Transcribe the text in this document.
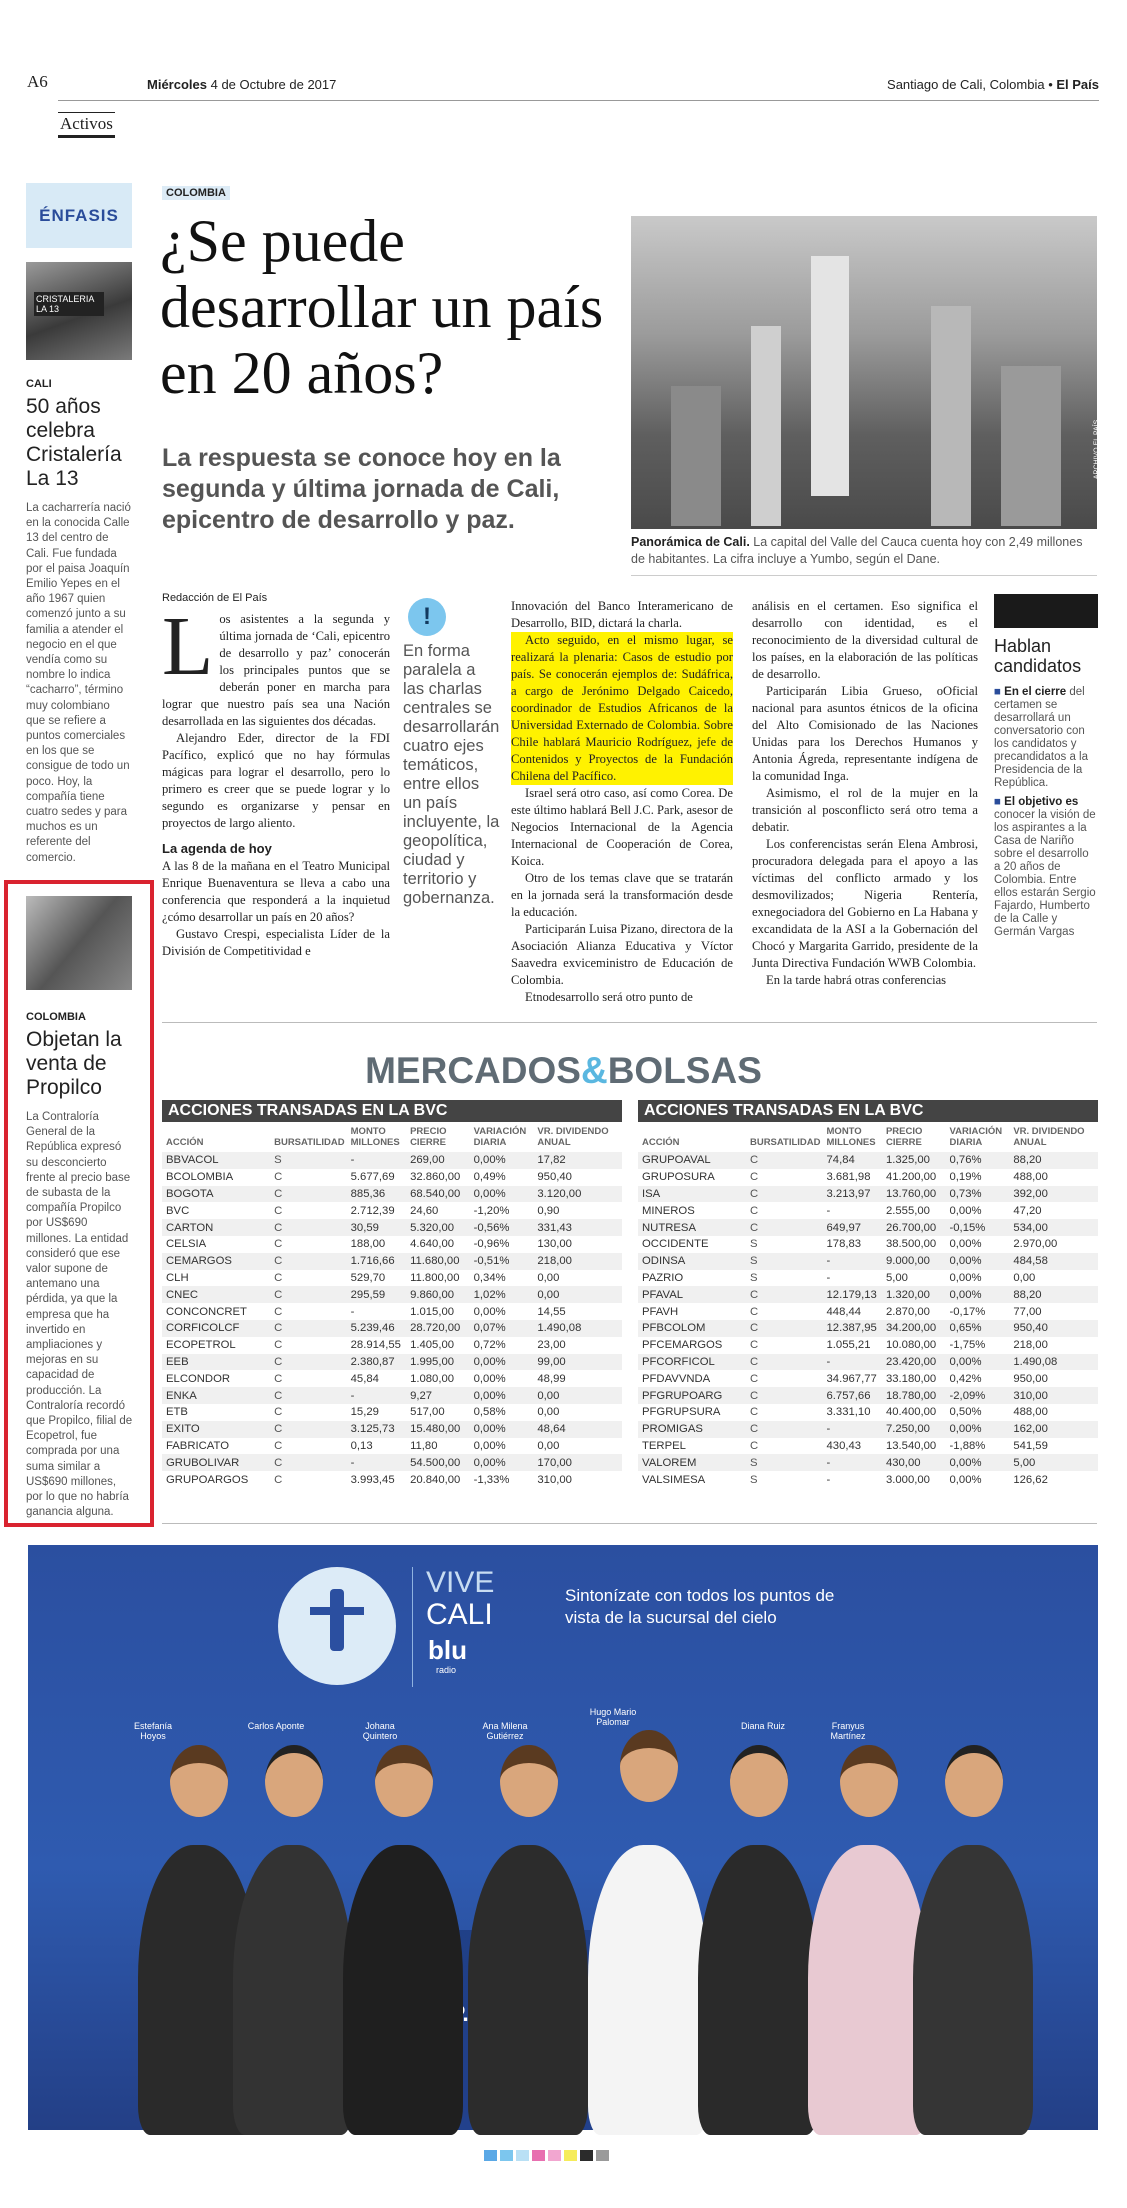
A6
Activos
Miércoles 4 de Octubre de 2017	Santiago de Cali, Colombia • El País
ÉNFASIS
CRISTALERIA LA 13
CALI
50 años celebra Cristalería La 13

La cacharrería nació en la conocida Calle 13 del centro de Cali. Fue fundada por el paisa Joaquín Emilio Yepes en el año 1967 quien comenzó junto a su familia a atender el negocio en el que vendía como su nombre lo indica “cacharro”, término muy colombiano que se refiere a puntos comerciales en los que se consigue de todo un poco. Hoy, la compañía tiene cuatro sedes y para muchos es un referente del comercio.

COLOMBIA
Objetan la venta de Propilco

La Contraloría General de la República expresó su desconcierto frente al precio base de subasta de la compañía Propilco por US$690 millones. La entidad consideró que ese valor supone de antemano una pérdida, ya que la empresa que ha invertido en ampliaciones y mejoras en su capacidad de producción. La Contraloría recordó que Propilco, filial de Ecopetrol, fue comprada por una suma similar a US$690 millones, por lo que no habría ganancia alguna.

COLOMBIA
¿Se puede desarrollar un país en 20 años?
La respuesta se conoce hoy en la segunda y última jornada de Cali, epicentro de desarrollo y paz.
ARCHIVO EL PAÍS
Panorámica de Cali. La capital del Valle del Cauca cuenta hoy con 2,49 millones de habitantes. La cifra incluye a Yumbo, según el Dane.
Redacción de El País
L os asistentes a la segunda y última jornada de ‘Cali, epicentro de desarrollo y paz’ conocerán los principales puntos que se deberán poner en marcha para lograr que nuestro país sea una Nación desarrollada en las siguientes dos décadas.

Alejandro Eder, director de la FDI Pacífico, explicó que no hay fórmulas mágicas para lograr el desarrollo, pero lo primero es creer que se puede lograr y lo segundo es organizarse y pensar en proyectos de largo aliento.

La agenda de hoy

A las 8 de la mañana en el Teatro Municipal Enrique Buenaventura se lleva a cabo una conferencia que responderá a la inquietud ¿cómo desarrollar un país en 20 años?

Gustavo Crespi, especialista Líder de la División de Competitividad e

!
En forma paralela a las charlas centrales se desarrollarán cuatro ejes temáticos, entre ellos un país incluyente, la geopolítica, ciudad y territorio y gobernanza.

Innovación del Banco Interamericano de Desarrollo, BID, dictará la charla.

Acto seguido, en el mismo lugar, se realizará la plenaria: Casos de estudio por país. Se conocerán ejemplos de: Sudáfrica, a cargo de Jerónimo Delgado Caicedo, coordinador de Estudios Africanos de la Universidad Externado de Colombia. Sobre Chile hablará Mauricio Rodríguez, jefe de Contenidos y Proyectos de la Fundación Chilena del Pacífico.

Israel será otro caso, así como Corea. De este último hablará Bell J.C. Park, asesor de Negocios Internacional de la Agencia Internacional de Cooperación de Corea, Koica.

Otro de los temas clave que se tratarán en la jornada será la transformación desde la educación.

Participarán Luisa Pizano, directora de la Asociación Alianza Educativa y Víctor Saavedra exviceministro de Educación de Colombia.

Etnodesarrollo será otro punto de

análisis en el certamen. Eso significa el desarrollo con identidad, es el reconocimiento de la diversidad cultural de los países, en la elaboración de las políticas de desarrollo.

Participarán Libia Grueso, oOficial nacional para asuntos étnicos de la oficina del Alto Comisionado de las Naciones Unidas para los Derechos Humanos y Antonia Ágreda, representante indígena de la comunidad Inga.

Asimismo, el rol de la mujer en la transición al posconflicto será otro tema a debatir.

Los conferencistas serán Elena Ambrosi, procuradora delegada para el apoyo a las víctimas del conflicto armado y los desmovilizados; Nigeria Rentería, exnegociadora del Gobierno en La Habana y excandidata de la ASI a la Gobernación del Chocó y Margarita Garrido, presidente de la Junta Directiva Fundación WWB Colombia.

En la tarde habrá otras conferencias

Hablan candidatos
■ En el cierre del certamen se desarrollará un conversatorio con los candidatos y precandidatos a la Presidencia de la República.
■ El objetivo es conocer la visión de los aspirantes a la Casa de Nariño sobre el desarrollo a 20 años de Colombia. Entre ellos estarán Sergio Fajardo, Humberto de la Calle y Germán Vargas
MERCADOS&BOLSAS
ACCIONES TRANSADAS EN LA BVC
ACCIÓN	BURSATILIDAD	MONTO MILLONES	PRECIO CIERRE	VARIACIÓN DIARIA	VR. DIVIDENDO ANUAL
BBVACOL	S	-	269,00	0,00%	17,82
BCOLOMBIA	C	5.677,69	32.860,00	0,49%	950,40
BOGOTA	C	885,36	68.540,00	0,00%	3.120,00
BVC	C	2.712,39	24,60	-1,20%	0,90
CARTON	C	30,59	5.320,00	-0,56%	331,43
CELSIA	C	188,00	4.640,00	-0,96%	130,00
CEMARGOS	C	1.716,66	11.680,00	-0,51%	218,00
CLH	C	529,70	11.800,00	0,34%	0,00
CNEC	C	295,59	9.860,00	1,02%	0,00
CONCONCRET	C	-	1.015,00	0,00%	14,55
CORFICOLCF	C	5.239,46	28.720,00	0,07%	1.490,08
ECOPETROL	C	28.914,55	1.405,00	0,72%	23,00
EEB	C	2.380,87	1.995,00	0,00%	99,00
ELCONDOR	C	45,84	1.080,00	0,00%	48,99
ENKA	C	-	9,27	0,00%	0,00
ETB	C	15,29	517,00	0,58%	0,00
EXITO	C	3.125,73	15.480,00	0,00%	48,64
FABRICATO	C	0,13	11,80	0,00%	0,00
GRUBOLIVAR	C	-	54.500,00	0,00%	170,00
GRUPOARGOS	C	3.993,45	20.840,00	-1,33%	310,00
ACCIONES TRANSADAS EN LA BVC
ACCIÓN	BURSATILIDAD	MONTO MILLONES	PRECIO CIERRE	VARIACIÓN DIARIA	VR. DIVIDENDO ANUAL
GRUPOAVAL	C	74,84	1.325,00	0,76%	88,20
GRUPOSURA	C	3.681,98	41.200,00	0,19%	488,00
ISA	C	3.213,97	13.760,00	0,73%	392,00
MINEROS	C	-	2.555,00	0,00%	47,20
NUTRESA	C	649,97	26.700,00	-0,15%	534,00
OCCIDENTE	S	178,83	38.500,00	0,00%	2.970,00
ODINSA	S	-	9.000,00	0,00%	484,58
PAZRIO	S	-	5,00	0,00%	0,00
PFAVAL	C	12.179,13	1.320,00	0,00%	88,20
PFAVH	C	448,44	2.870,00	-0,17%	77,00
PFBCOLOM	C	12.387,95	34.200,00	0,65%	950,40
PFCEMARGOS	C	1.055,21	10.080,00	-1,75%	218,00
PFCORFICOL	C	-	23.420,00	0,00%	1.490,08
PFDAVVNDA	C	34.967,77	33.180,00	0,42%	950,00
PFGRUPOARG	C	6.757,66	18.780,00	-2,09%	310,00
PFGRUPSURA	C	3.331,10	40.400,00	0,50%	488,00
PROMIGAS	C	-	7.250,00	0,00%	162,00
TERPEL	C	430,43	13.540,00	-1,88%	541,59
VALOREM	S	-	430,00	0,00%	5,00
VALSIMESA	S	-	3.000,00	0,00%	126,62
VIVE
CALI
blu
radio
Sintonízate con todos los puntos de vista de la sucursal del cielo
Estefanía Hoyos
Carlos Aponte	Johana Quintero
Ana Milena Gutiérrez
Hugo Mario Palomar	Diana Ruiz	Franyus Martínez
